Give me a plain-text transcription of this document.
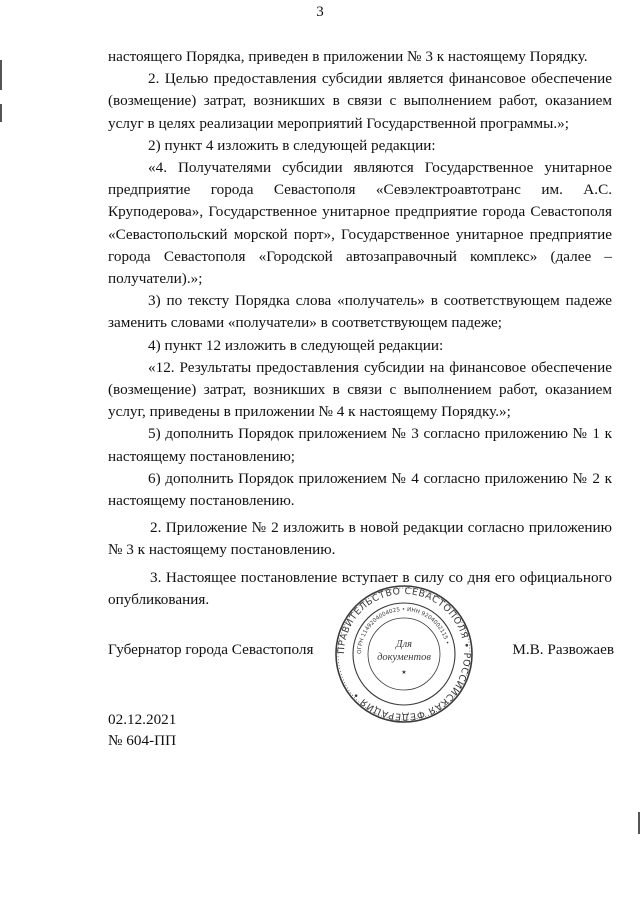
3

настоящего Порядка, приведен в приложении № 3 к настоящему Порядку.

2. Целью предоставления субсидии является финансовое обеспечение (возмещение) затрат, возникших в связи с выполнением работ, оказанием услуг в целях реализации мероприятий Государственной программы.»;

2) пункт 4 изложить в следующей редакции:

«4. Получателями субсидии являются Государственное унитарное предприятие города Севастополя «Севэлектроавтотранс им. А.С. Круподерова», Государственное унитарное предприятие города Севастополя «Севастопольский морской порт», Государственное унитарное предприятие города Севастополя «Городской автозаправочный комплекс» (далее – получатели).»;

3) по тексту Порядка слова «получатель» в соответствующем падеже заменить словами «получатели» в соответствующем падеже;

4) пункт 12 изложить в следующей редакции:

«12. Результаты предоставления субсидии на финансовое обеспечение (возмещение) затрат, возникших в связи с выполнением работ, оказанием услуг, приведены в приложении № 4 к настоящему Порядку.»;

5) дополнить Порядок приложением № 3 согласно приложению № 1 к настоящему постановлению;

6) дополнить Порядок приложением № 4 согласно приложению № 2 к настоящему постановлению.

2. Приложение № 2 изложить в новой редакции согласно приложению № 3 к настоящему постановлению.

3. Настоящее постановление вступает в силу со дня его официального опубликования.

ПРАВИТЕЛЬСТВО СЕВАСТОПОЛЯ • РОССИЙСКАЯ ФЕДЕРАЦИЯ •
ОГРН 1149204004025 • ИНН 9204002115 •
Для
документов
★
Губернатор города Севастополя	М.В. Развожаев
02.12.2021
№ 604-ПП
